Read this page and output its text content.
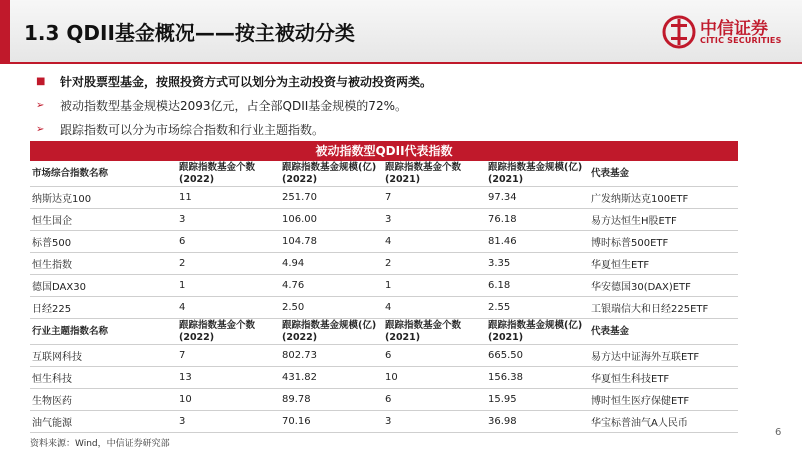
1.3 QDII基金概况——按主被动分类	中信证券
CITIC SECURITIES
■ 针对股票型基金，按照投资方式可以划分为主动投资与被动投资两类。
➢ 被动指数型基金规模达2093亿元，占全部QDII基金规模的72%。
➢ 跟踪指数可以分为市场综合指数和行业主题指数。
被动指数型QDII代表指数
市场综合指数名称	跟踪指数基金个数(2022)	跟踪指数基金规模(亿)(2022)	跟踪指数基金个数(2021)	跟踪指数基金规模(亿)(2021)	代表基金
纳斯达克100	11	251.70	7	97.34	广发纳斯达克100ETF
恒生国企	3	106.00	3	76.18	易方达恒生H股ETF
标普500	6	104.78	4	81.46	博时标普500ETF
恒生指数	2	4.94	2	3.35	华夏恒生ETF
德国DAX30	1	4.76	1	6.18	华安德国30(DAX)ETF
日经225	4	2.50	4	2.55	工银瑞信大和日经225ETF
行业主题指数名称	跟踪指数基金个数(2022)	跟踪指数基金规模(亿)(2022)	跟踪指数基金个数(2021)	跟踪指数基金规模(亿)(2021)	代表基金
互联网科技	7	802.73	6	665.50	易方达中证海外互联ETF
恒生科技	13	431.82	10	156.38	华夏恒生科技ETF
生物医药	10	89.78	6	15.95	博时恒生医疗保健ETF
油气能源	3	70.16	3	36.98	华宝标普油气A人民币
资料来源：Wind，中信证券研究部
6
